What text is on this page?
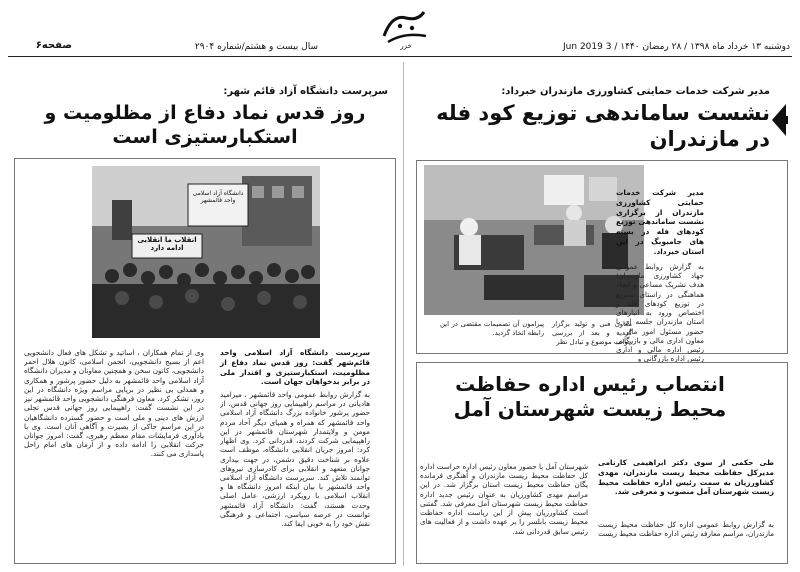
دوشنبه ۱۳ خرداد ماه ۱۳۹۸ / ۲۸ رمضان ۱۴۴۰ / 3 Jun 2019
سال بیست و هشتم/شماره ۲۹۰۴
صفحه۶	خزر
مدیر شرکت خدمات حمایتی کشاورزی مازندران خبرداد:
نشست ساماندهی توزیع کود فله در مازندران
مدیر شرکت خدمات حمایتی کشاورزی مازندران از برگزاری نشست ساماندهی توزیع کودهای فله در بسته های جامبوبگ در این استان خبرداد.
به گزارش روابط عمومی جهاد کشاورزی مازندران؛ هدف تشریک مساعی و ایجاد هماهنگی در راستای تسریع در توزیع کودهای فله و اختصاص ورود به انبارهای استان مازندران جلسه ای با حضور مسئول امور مالی ، معاون اداری مالی و بازرگانی رئیس اداره مالی و اداری رئیس اداره بازرگانی و
معاون فنی و تولید برگزار گردید و بعد از بررسی جوانب موضوع و تبادل نظر
پیرامون آن تصمیمات مقتضی در این رابطه اتخاذ گردید.
انتصاب رئیس اداره حفاظت محیط زیست شهرستان آمل
طی حکمی از سوی دکتر ابراهیمی کارنامی مدیرکل حفاظت محیط زیست مازندران، مهدی کشاورزیان به سمت رئیس اداره حفاظت محیط زیست شهرستان آمل منصوب و معرفی شد.
به گزارش روابط عمومی اداره کل حفاظت محیط زیست مازندران، مراسم معارفه رئیس اداره حفاظت محیط زیست
شهرستان آمل با حضور معاون رئیس اداره حراست اداره کل حفاظت محیط زیست مازندران و آهنگری فرمانده یگان حفاظت محیط زیست استان برگزار شد. در این مراسم مهدی کشاورزیان به عنوان رئیس جدید اداره حفاظت محیط زیست شهرستان آمل معرفی شد. گفتنی است کشاورزیان پیش از این ریاست اداره حفاظت محیط زیست بابلسر را بر عهده داشت و از فعالیت های رئیس سابق قدردانی شد.
سرپرست دانشگاه آزاد قائم شهر:
روز قدس نماد دفاع از مظلومیت و استکبارستیزی است
انقلاب ما انقلابی ادامه دارد
دانشگاه آزاد اسلامی واحد قائمشهر
سرپرست دانشگاه آزاد اسلامی واحد قائم‌شهر گفت: روز قدس نماد دفاع از مظلومیت، استکبارستیزی و اقتدار ملی در برابر بدخواهان جهان است.
به گزارش روابط عمومی واحد قائمشهر ، میرامید هادیانی در مراسم راهپیمایی روز جهانی قدس، از حضور پرشور خانواده بزرگ دانشگاه آزاد اسلامی واحد قائمشهر که همراه و همپای دیگر آحاد مردم مومن و ولایتمدار شهرستان قائمشهر در این راهپیمایی شرکت کردند، قدردانی کرد. وی اظهار کرد: امروز جریان انقلابی دانشگاه، موظف است علاوه بر شناخت دقیق دشمن، در جهت بیداری جوانان متعهد و انقلابی برای کادرسازی نیروهای توانمند تلاش کند. سرپرست دانشگاه آزاد اسلامی واحد قائمشهر با بیان اینکه امروز دانشگاه ها و انقلاب اسلامی با رویکرد ارزشی، عامل اصلی وحدت هستند، گفت: دانشگاه آزاد قائمشهر توانست در عرصه سیاسی، اجتماعی و فرهنگی نقش خود را به خوبی ایفا کند.
وی از تمام همکاران ، اساتید و تشکل های فعال دانشجویی اعم از بسیج دانشجویی، انجمن اسلامی، کانون هلال احمر دانشجویی، کانون سخن و همچنین معاونان و مدیران دانشگاه آزاد اسلامی واحد قائمشهر به دلیل حضور پرشور و همکاری و همدلی بی نظیر در برپایی مراسم ویژه دانشگاه در این روز، تشکر کرد. معاون فرهنگی دانشجویی واحد قائمشهر نیز در این نشست گفت: راهپیمایی روز جهانی قدس تجلی ارزش های دینی و ملی است و حضور گسترده دانشگاهیان در این مراسم حاکی از بصیرت و آگاهی آنان است. وی با یادآوری فرمایشات مقام معظم رهبری، گفت: امروز جوانان حرکت انقلابی را ادامه داده و از آرمان های امام راحل پاسداری می کنند.
